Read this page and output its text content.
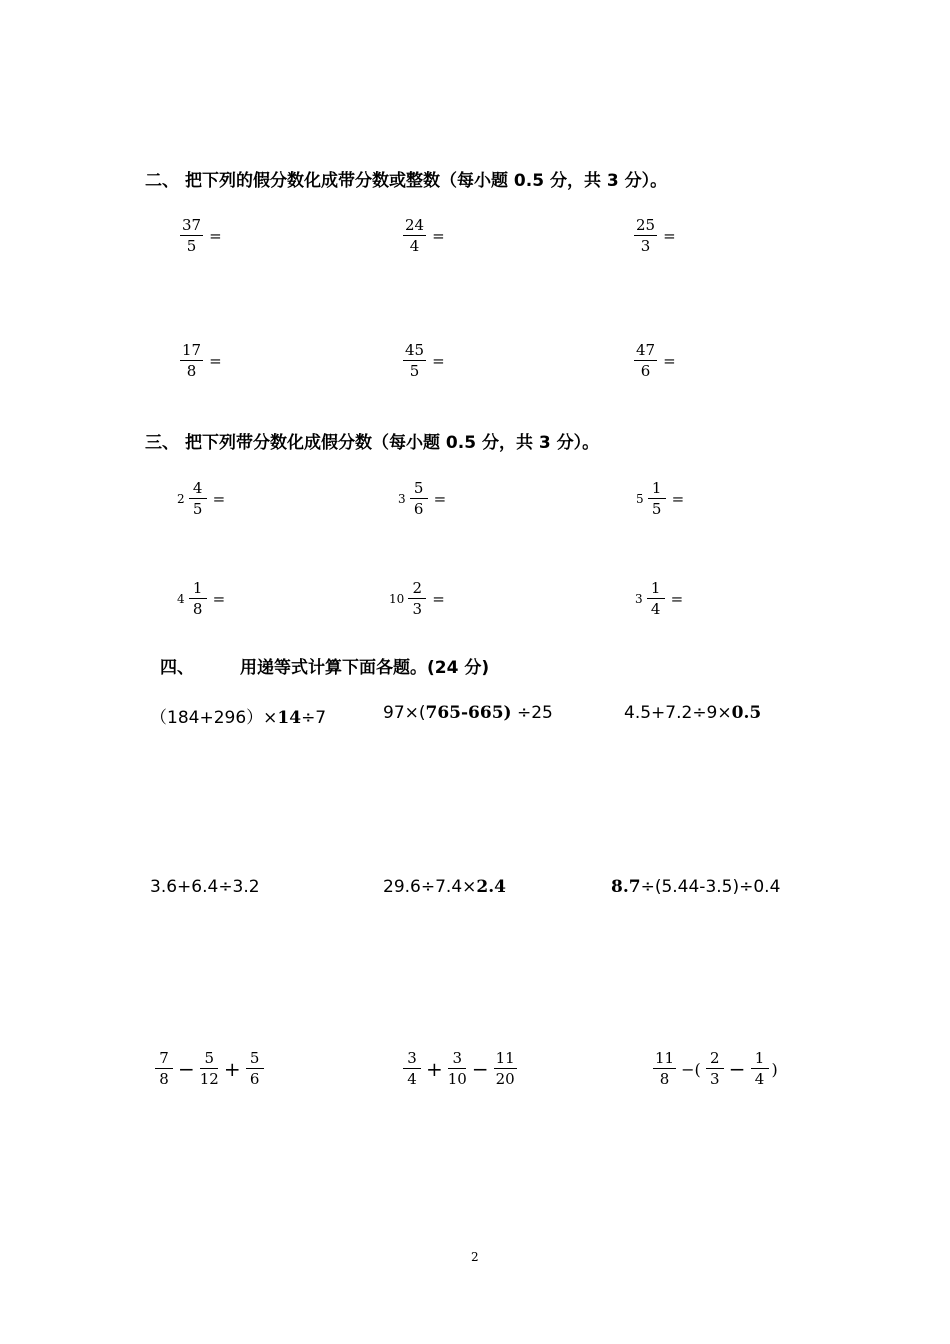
二、 把下列的假分数化成带分数或整数（每小题 0.5 分，共 3 分）。
$\frac{37}{5}$ =	$\frac{24}{4}$ =	$\frac{25}{3}$ =
$\frac{17}{8}$ =	$\frac{45}{5}$ =	$\frac{47}{6}$ =
三、 把下列带分数化成假分数（每小题 0.5 分，共 3 分）。
$2 \frac{4}{5}$ =	$3 \frac{5}{6}$ =	$5 \frac{1}{5}$ =
$4 \frac{1}{8}$ =	$10 \frac{2}{3}$ =	$3 \frac{1}{4}$ =
四、	用递等式计算下面各题。(24 分)
（184+296）×14÷7	97×(765-665) ÷25	4.5+7.2÷9×0.5
3.6+6.4÷3.2	29.6÷7.4×2.4	8.7÷(5.44-3.5)÷0.4
$\frac{7}{8} - \frac{5}{12} + \frac{5}{6}$	$\frac{3}{4} + \frac{3}{10} - \frac{11}{20}$	$\frac{11}{8}$ −( $\frac{2}{3} - \frac{1}{4}$ )
2
